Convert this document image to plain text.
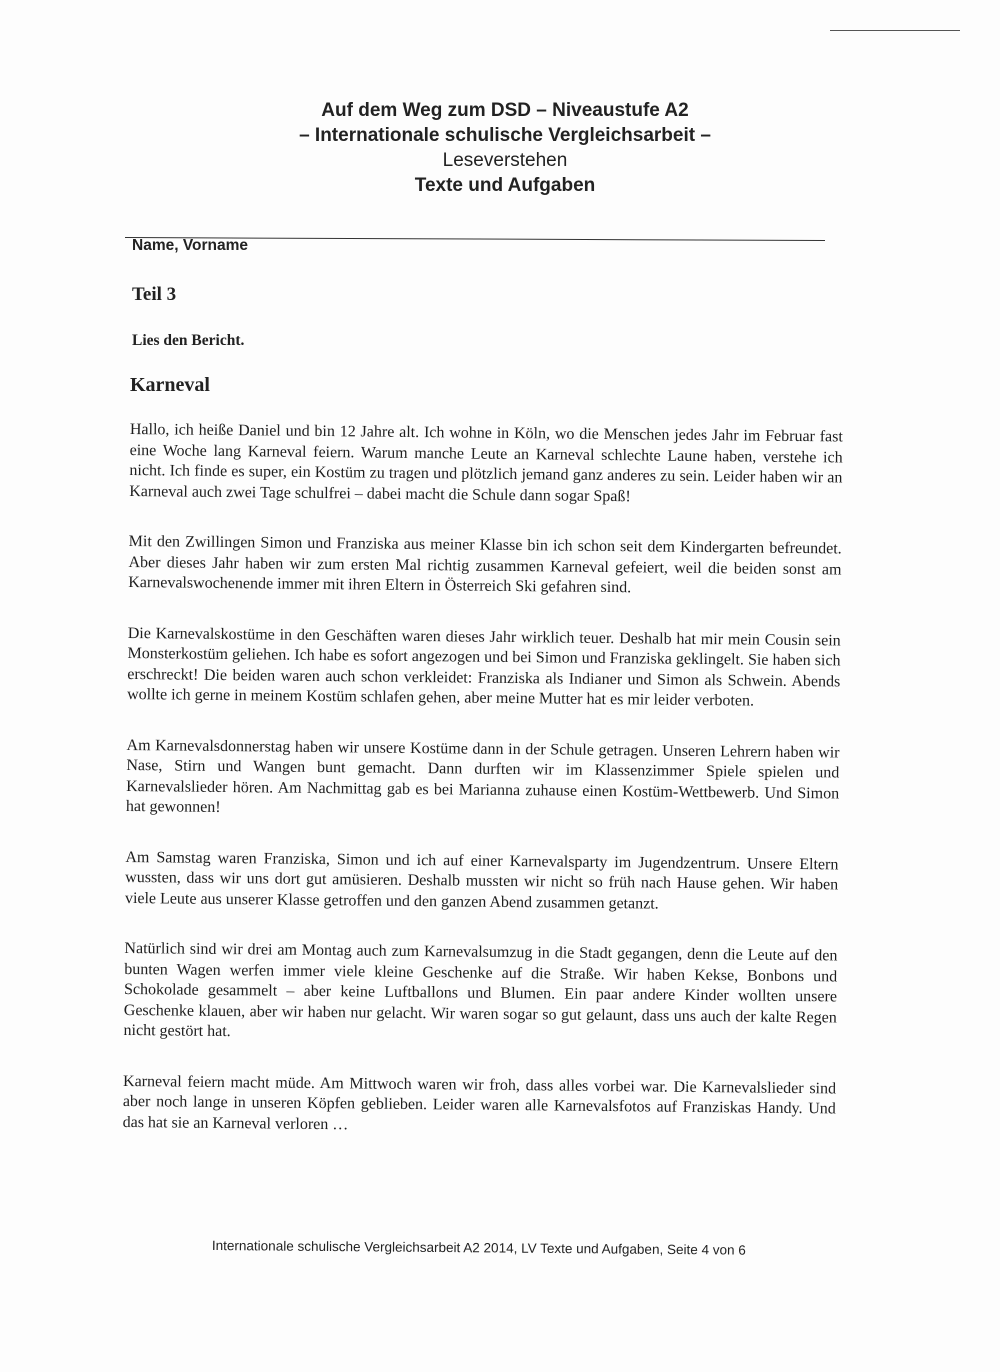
Auf dem Weg zum DSD – Niveaustufe A2
– Internationale schulische Vergleichsarbeit –
Leseverstehen
Texte und Aufgaben
Name, Vorname
Teil 3
Lies den Bericht.
Karneval

Hallo, ich heiße Daniel und bin 12 Jahre alt. Ich wohne in Köln, wo die Menschen jedes Jahr im Februar fast eine Woche lang Karneval feiern. Warum manche Leute an Karneval schlechte Laune haben, verstehe ich nicht. Ich finde es super, ein Kostüm zu tragen und plötzlich jemand ganz anderes zu sein. Leider haben wir an Karneval auch zwei Tage schulfrei – dabei macht die Schule dann sogar Spaß!

Mit den Zwillingen Simon und Franziska aus meiner Klasse bin ich schon seit dem Kindergarten befreundet. Aber dieses Jahr haben wir zum ersten Mal richtig zusammen Karneval gefeiert, weil die beiden sonst am Karnevalswochenende immer mit ihren Eltern in Österreich Ski gefahren sind.

Die Karnevalskostüme in den Geschäften waren dieses Jahr wirklich teuer. Deshalb hat mir mein Cousin sein Monsterkostüm geliehen. Ich habe es sofort angezogen und bei Simon und Franziska geklingelt. Sie haben sich erschreckt! Die beiden waren auch schon verkleidet: Franziska als Indianer und Simon als Schwein. Abends wollte ich gerne in meinem Kostüm schlafen gehen, aber meine Mutter hat es mir leider verboten.

Am Karnevalsdonnerstag haben wir unsere Kostüme dann in der Schule getragen. Unseren Lehrern haben wir Nase, Stirn und Wangen bunt gemacht. Dann durften wir im Klassenzimmer Spiele spielen und Karnevalslieder hören. Am Nachmittag gab es bei Marianna zuhause einen Kostüm-Wettbewerb. Und Simon hat gewonnen!

Am Samstag waren Franziska, Simon und ich auf einer Karnevalsparty im Jugendzentrum. Unsere Eltern wussten, dass wir uns dort gut amüsieren. Deshalb mussten wir nicht so früh nach Hause gehen. Wir haben viele Leute aus unserer Klasse getroffen und den ganzen Abend zusammen getanzt.

Natürlich sind wir drei am Montag auch zum Karnevalsumzug in die Stadt gegangen, denn die Leute auf den bunten Wagen werfen immer viele kleine Geschenke auf die Straße. Wir haben Kekse, Bonbons und Schokolade gesammelt – aber keine Luftballons und Blumen. Ein paar andere Kinder wollten unsere Geschenke klauen, aber wir haben nur gelacht. Wir waren sogar so gut gelaunt, dass uns auch der kalte Regen nicht gestört hat.

Karneval feiern macht müde. Am Mittwoch waren wir froh, dass alles vorbei war. Die Karnevalslieder sind aber noch lange in unseren Köpfen geblieben. Leider waren alle Karnevalsfotos auf Franziskas Handy. Und das hat sie an Karneval verloren …

Internationale schulische Vergleichsarbeit A2 2014, LV Texte und Aufgaben, Seite 4 von 6
